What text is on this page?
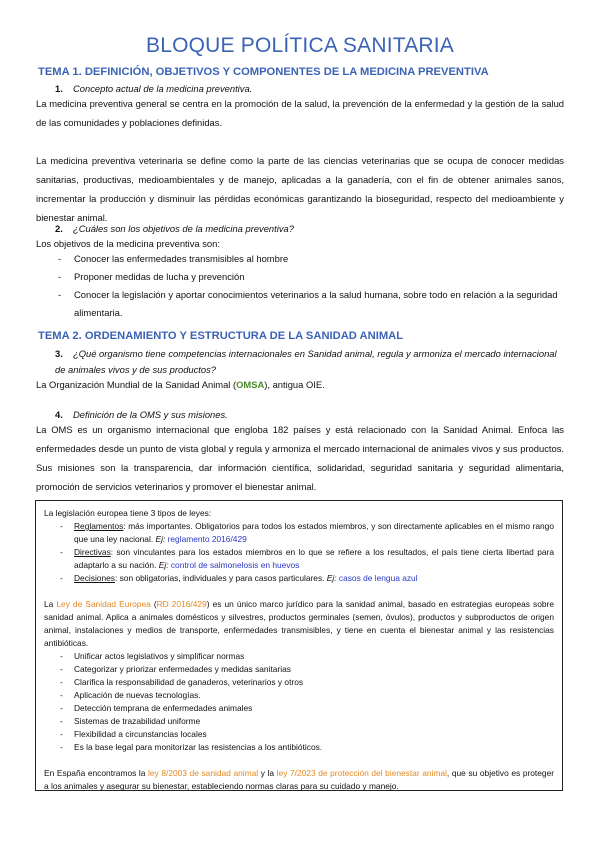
BLOQUE POLÍTICA SANITARIA
TEMA 1. DEFINICIÓN, OBJETIVOS Y COMPONENTES DE LA MEDICINA PREVENTIVA
1. Concepto actual de la medicina preventiva.
La medicina preventiva general se centra en la promoción de la salud, la prevención de la enfermedad y la gestión de la salud de las comunidades y poblaciones definidas.
La medicina preventiva veterinaria se define como la parte de las ciencias veterinarias que se ocupa de conocer medidas sanitarias, productivas, medioambientales y de manejo, aplicadas a la ganadería, con el fin de obtener animales sanos, incrementar la producción y disminuir las pérdidas económicas garantizando la bioseguridad, respecto del medioambiente y bienestar animal.
2. ¿Cuáles son los objetivos de la medicina preventiva?
Los objetivos de la medicina preventiva son:
- Conocer las enfermedades transmisibles al hombre
- Proponer medidas de lucha y prevención
- Conocer la legislación y aportar conocimientos veterinarios a la salud humana, sobre todo en relación a la seguridad alimentaria.
TEMA 2. ORDENAMIENTO Y ESTRUCTURA DE LA SANIDAD ANIMAL
3. ¿Qué organismo tiene competencias internacionales en Sanidad animal, regula y armoniza el mercado internacional de animales vivos y de sus productos?
La Organización Mundial de la Sanidad Animal (OMSA), antigua OIE.
4. Definición de la OMS y sus misiones.
La OMS es un organismo internacional que engloba 182 países y está relacionado con la Sanidad Animal. Enfoca las enfermedades desde un punto de vista global y regula y armoniza el mercado internacional de animales vivos y sus productos. Sus misiones son la transparencia, dar información científica, solidaridad, seguridad sanitaria y seguridad alimentaria, promoción de servicios veterinarios y promover el bienestar animal.
La legislación europea tiene 3 tipos de leyes:
- Reglamentos: más importantes. Obligatorios para todos los estados miembros, y son directamente aplicables en el mismo rango que una ley nacional. Ej: reglamento 2016/429
- Directivas: son vinculantes para los estados miembros en lo que se refiere a los resultados, el país tiene cierta libertad para adaptarlo a su nación. Ej: control de salmonelosis en huevos
- Decisiones: son obligatorias, individuales y para casos particulares. Ej: casos de lengua azul
La Ley de Sanidad Europea (RD 2016/429) es un único marco jurídico para la sanidad animal, basado en estrategias europeas sobre sanidad animal. Aplica a animales domésticos y silvestres, productos germinales (semen, óvulos), productos y subproductos de origen animal, instalaciones y medios de transporte, enfermedades transmisibles, y tiene en cuenta el bienestar animal y las resistencias antibióticas.
- Unificar actos legislativos y simplificar normas
- Categorizar y priorizar enfermedades y medidas sanitarias
- Clarifica la responsabilidad de ganaderos, veterinarios y otros
- Aplicación de nuevas tecnologías.
- Detección temprana de enfermedades animales
- Sistemas de trazabilidad uniforme
- Flexibilidad a circunstancias locales
- Es la base legal para monitorizar las resistencias a los antibióticos.
En España encontramos la ley 8/2003 de sanidad animal y la ley 7/2023 de protección del bienestar animal, que su objetivo es proteger a los animales y asegurar su bienestar, estableciendo normas claras para su cuidado y manejo.
